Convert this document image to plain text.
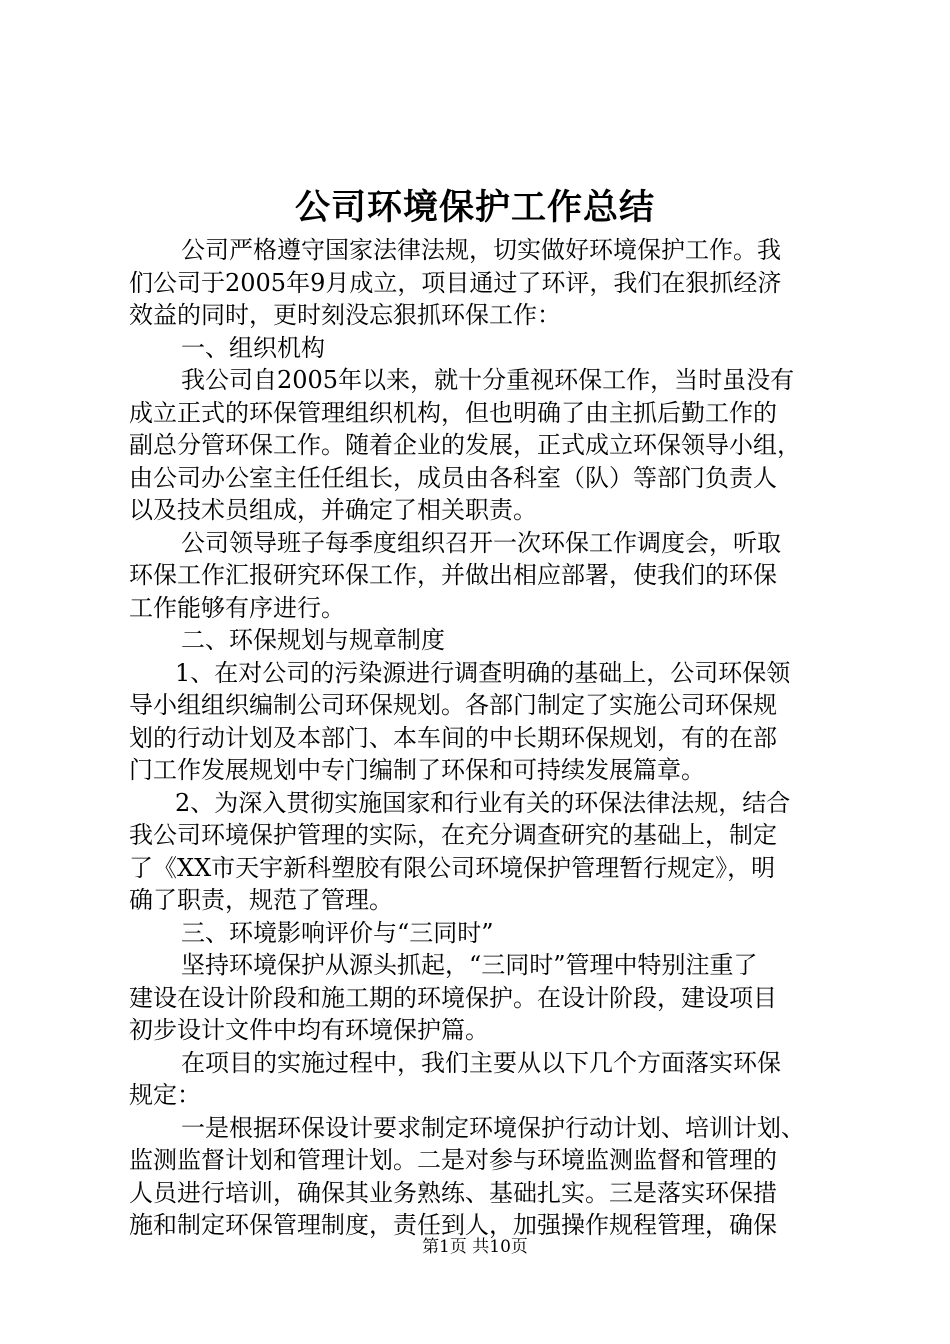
公司环境保护工作总结

公司严格遵守国家法律法规，切实做好环境保护工作。我

们公司于2005年9月成立，项目通过了环评，我们在狠抓经济

效益的同时，更时刻没忘狠抓环保工作：

一、组织机构

我公司自2005年以来，就十分重视环保工作，当时虽没有

成立正式的环保管理组织机构，但也明确了由主抓后勤工作的

副总分管环保工作。随着企业的发展，正式成立环保领导小组，

由公司办公室主任任组长，成员由各科室（队）等部门负责人

以及技术员组成，并确定了相关职责。

公司领导班子每季度组织召开一次环保工作调度会，听取

环保工作汇报研究环保工作，并做出相应部署，使我们的环保

工作能够有序进行。

二、环保规划与规章制度

1、在对公司的污染源进行调查明确的基础上，公司环保领

导小组组织编制公司环保规划。各部门制定了实施公司环保规

划的行动计划及本部门、本车间的中长期环保规划，有的在部

门工作发展规划中专门编制了环保和可持续发展篇章。

2、为深入贯彻实施国家和行业有关的环保法律法规，结合

我公司环境保护管理的实际，在充分调查研究的基础上，制定

了《XX市天宇新科塑胶有限公司环境保护管理暂行规定》，明

确了职责，规范了管理。

三、环境影响评价与“三同时”

坚持环境保护从源头抓起，“三同时”管理中特别注重了

建设在设计阶段和施工期的环境保护。在设计阶段，建设项目

初步设计文件中均有环境保护篇。

在项目的实施过程中，我们主要从以下几个方面落实环保

规定：

一是根据环保设计要求制定环境保护行动计划、培训计划、

监测监督计划和管理计划。二是对参与环境监测监督和管理的

人员进行培训，确保其业务熟练、基础扎实。三是落实环保措

施和制定环保管理制度，责任到人，加强操作规程管理，确保

第1页 共10页
